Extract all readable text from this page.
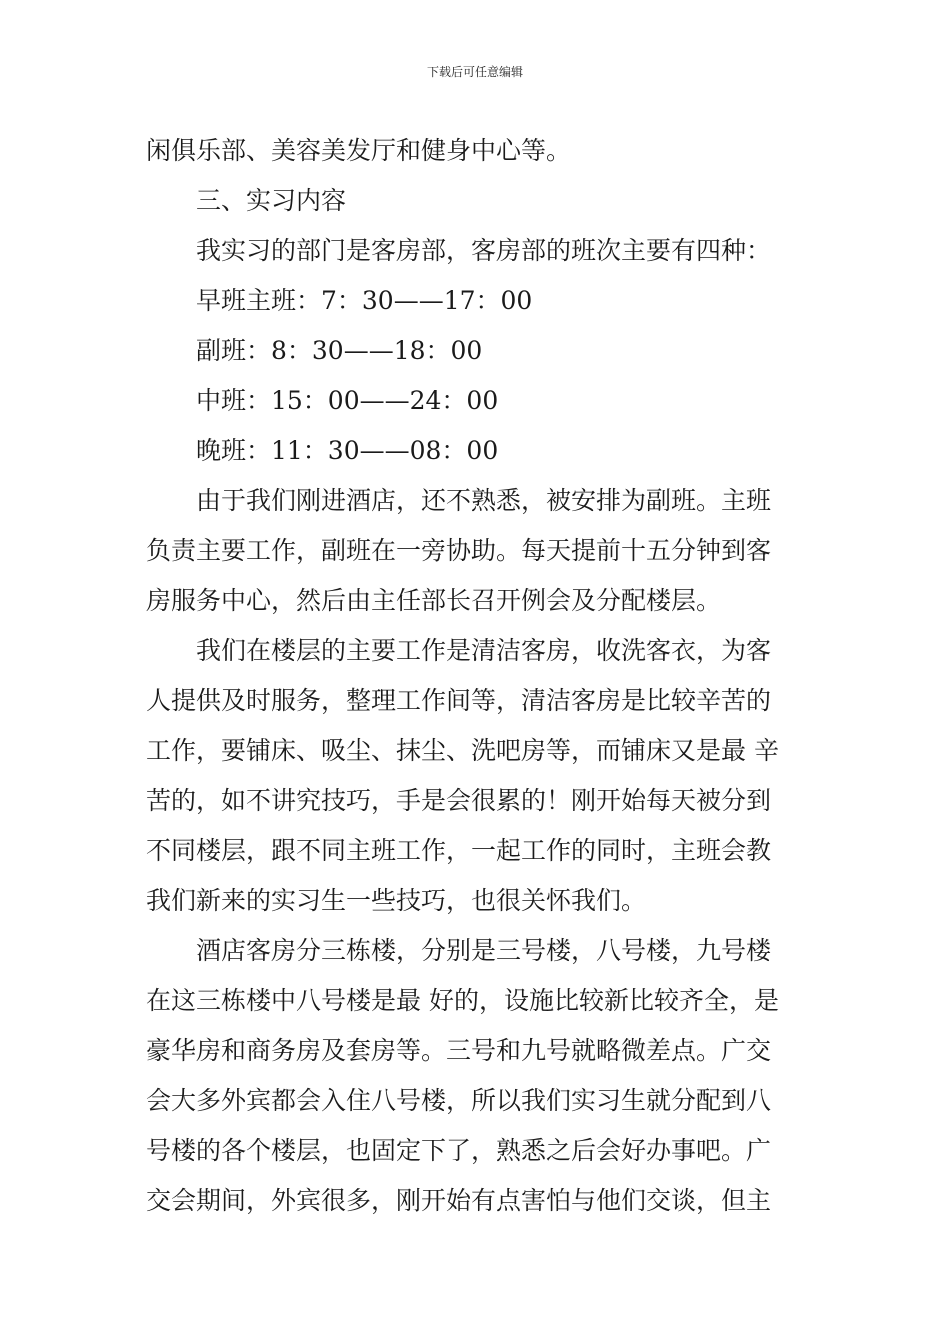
下载后可任意编辑
闲俱乐部、美容美发厅和健身中心等。
三、实习内容
我实习的部门是客房部，客房部的班次主要有四种：
早班主班：7：30——17：00
副班：8：30——18：00
中班：15：00——24：00
晚班：11：30——08：00
由于我们刚进酒店，还不熟悉，被安排为副班。主班
负责主要工作，副班在一旁协助。每天提前十五分钟到客
房服务中心，然后由主任部长召开例会及分配楼层。
我们在楼层的主要工作是清洁客房，收洗客衣，为客
人提供及时服务，整理工作间等，清洁客房是比较辛苦的
工作，要铺床、吸尘、抹尘、洗吧房等，而铺床又是最 辛
苦的，如不讲究技巧，手是会很累的！刚开始每天被分到
不同楼层，跟不同主班工作，一起工作的同时，主班会教
我们新来的实习生一些技巧，也很关怀我们。
酒店客房分三栋楼，分别是三号楼，八号楼，九号楼
在这三栋楼中八号楼是最 好的，设施比较新比较齐全，是
豪华房和商务房及套房等。三号和九号就略微差点。广交
会大多外宾都会入住八号楼，所以我们实习生就分配到八
号楼的各个楼层，也固定下了，熟悉之后会好办事吧。广
交会期间，外宾很多，刚开始有点害怕与他们交谈，但主
